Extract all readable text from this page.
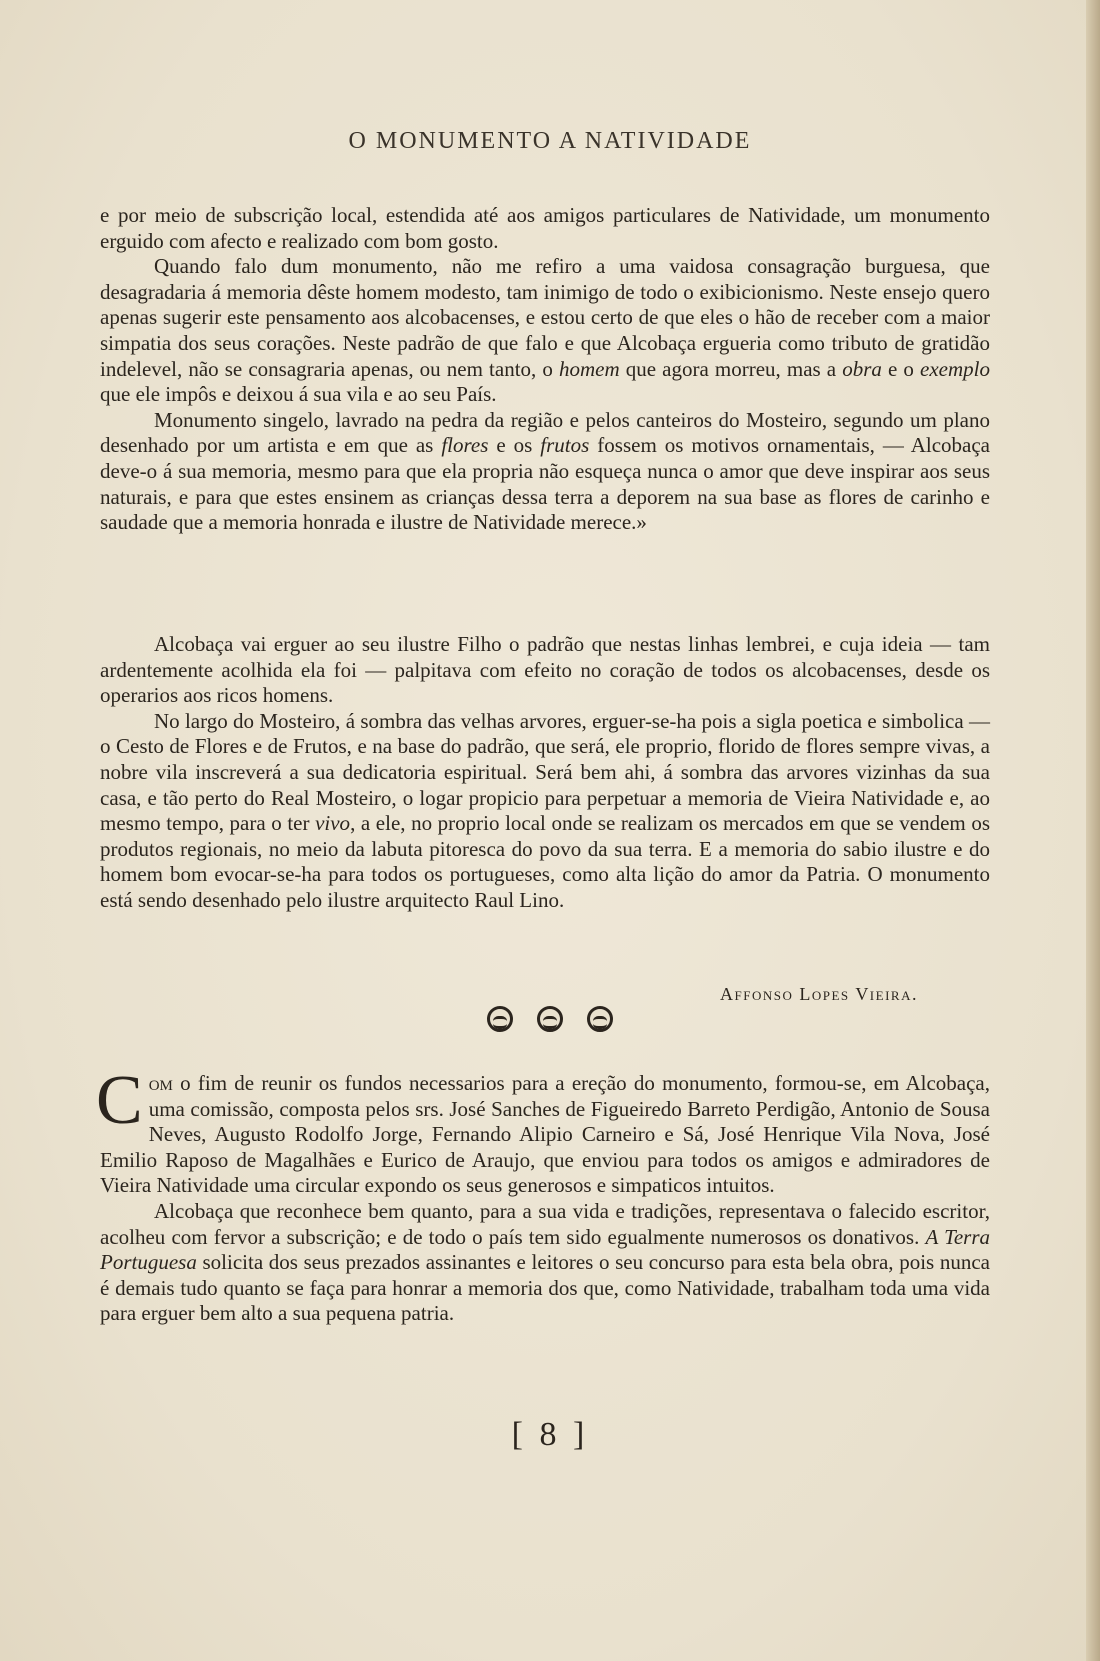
O MONUMENTO A NATIVIDADE

e por meio de subscrição local, estendida até aos amigos particulares de Natividade, um monumento erguido com afecto e realizado com bom gosto.

Quando falo dum monumento, não me refiro a uma vaidosa consagração burguesa, que desagradaria á memoria dêste homem modesto, tam inimigo de todo o exibicionismo. Neste ensejo quero apenas sugerir este pensamento aos alcobacenses, e estou certo de que eles o hão de receber com a maior simpatia dos seus corações. Neste padrão de que falo e que Alcobaça ergueria como tributo de gratidão indelevel, não se consagraria apenas, ou nem tanto, o homem que agora morreu, mas a obra e o exemplo que ele impôs e deixou á sua vila e ao seu País.

Monumento singelo, lavrado na pedra da região e pelos canteiros do Mosteiro, segundo um plano desenhado por um artista e em que as flores e os frutos fossem os motivos ornamentais, — Alcobaça deve-o á sua memoria, mesmo para que ela propria não esqueça nunca o amor que deve inspirar aos seus naturais, e para que estes ensinem as crianças dessa terra a deporem na sua base as flores de carinho e saudade que a memoria honrada e ilustre de Natividade merece.»

Alcobaça vai erguer ao seu ilustre Filho o padrão que nestas linhas lembrei, e cuja ideia — tam ardentemente acolhida ela foi — palpitava com efeito no coração de todos os alcobacenses, desde os operarios aos ricos homens.

No largo do Mosteiro, á sombra das velhas arvores, erguer-se-ha pois a sigla poetica e simbolica — o Cesto de Flores e de Frutos, e na base do padrão, que será, ele proprio, florido de flores sempre vivas, a nobre vila inscreverá a sua dedicatoria espiritual. Será bem ahi, á sombra das arvores vizinhas da sua casa, e tão perto do Real Mosteiro, o logar propicio para perpetuar a memoria de Vieira Natividade e, ao mesmo tempo, para o ter vivo, a ele, no proprio local onde se realizam os mercados em que se vendem os produtos regionais, no meio da labuta pitoresca do povo da sua terra. E a memoria do sabio ilustre e do homem bom evocar-se-ha para todos os portugueses, como alta lição do amor da Patria. O monumento está sendo desenhado pelo ilustre arquitecto Raul Lino.

Affonso Lopes Vieira.

Com o fim de reunir os fundos necessarios para a ereção do monumento, formou-se, em Alcobaça, uma comissão, composta pelos srs. José Sanches de Figueiredo Barreto Perdigão, Antonio de Sousa Neves, Augusto Rodolfo Jorge, Fernando Alipio Carneiro e Sá, José Henrique Vila Nova, José Emilio Raposo de Magalhães e Eurico de Araujo, que enviou para todos os amigos e admiradores de Vieira Natividade uma circular expondo os seus generosos e simpaticos intuitos.

Alcobaça que reconhece bem quanto, para a sua vida e tradições, representava o falecido escritor, acolheu com fervor a subscrição; e de todo o país tem sido egualmente numerosos os donativos. A Terra Portuguesa solicita dos seus prezados assinantes e leitores o seu concurso para esta bela obra, pois nunca é demais tudo quanto se faça para honrar a memoria dos que, como Natividade, trabalham toda uma vida para erguer bem alto a sua pequena patria.

[ 8 ]
